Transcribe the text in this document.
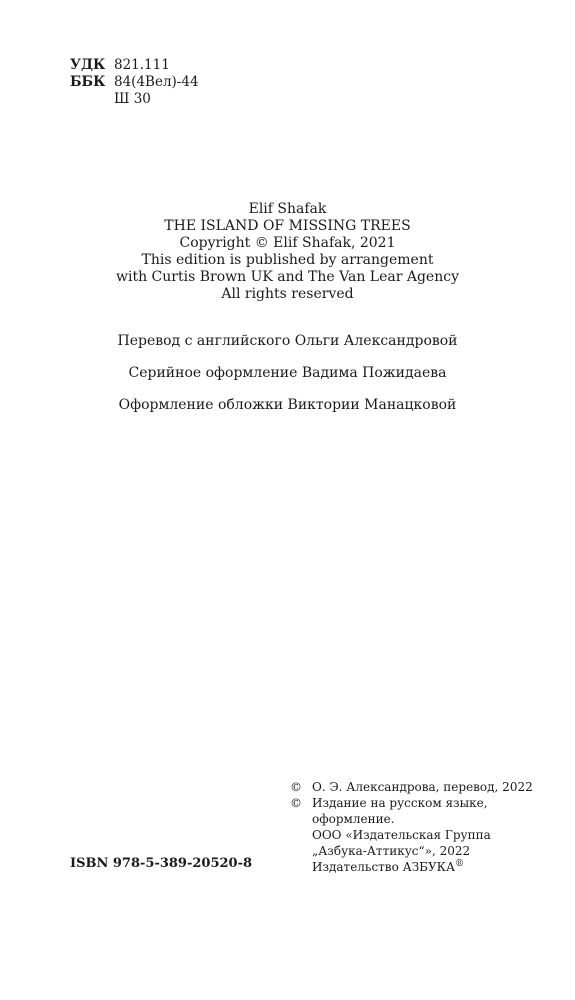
УДК 821.111
ББК 84(4Вел)-44
Ш 30
Elif Shafak
THE ISLAND OF MISSING TREES
Copyright © Elif Shafak, 2021
This edition is published by arrangement
with Curtis Brown UK and The Van Lear Agency
All rights reserved
Перевод с английского Ольги Александровой
Серийное оформление Вадима Пожидаева
Оформление обложки Виктории Манацковой
ISBN 978-5-389-20520-8
© О. Э. Александрова, перевод, 2022
© Издание на русском языке,
оформление.
ООО «Издательская Группа
„Азбука-Аттикус“», 2022
Издательство АЗБУКА®
